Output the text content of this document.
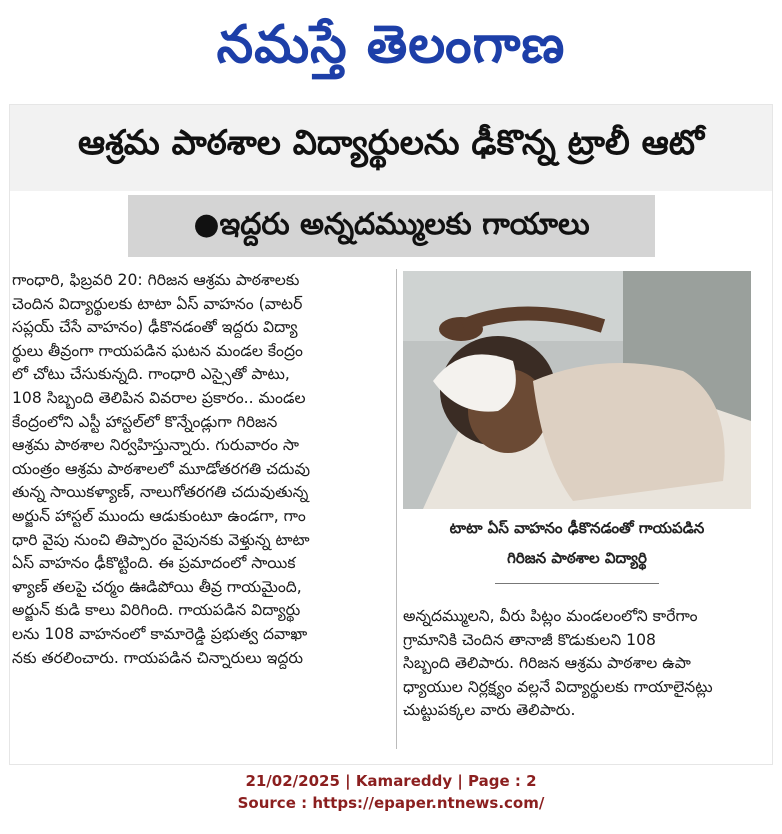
నమస్తే తెలంగాణ
ఆశ్రమ పాఠశాల విద్యార్థులను ఢీకొన్న ట్రాలీ ఆటో
●ఇద్దరు అన్నదమ్ములకు గాయాలు

గాంధారి, ఫిబ్రవరి 20: గిరిజన ఆశ్రమ పాఠశాలకు

చెందిన విద్యార్థులకు టాటా ఏస్ వాహనం (వాటర్

సప్లయ్ చేసే వాహనం) ఢీకొనడంతో ఇద్దరు విద్యా

ర్థులు తీవ్రంగా గాయపడిన ఘటన మండల కేంద్రం

లో చోటు చేసుకున్నది. గాంధారి ఎస్సైతో పాటు,

108 సిబ్బంది తెలిపిన వివరాల ప్రకారం.. మండల

కేంద్రంలోని ఎస్టీ హాస్టల్‌లో కొన్నేండ్లుగా గిరిజన

ఆశ్రమ పాఠశాల నిర్వహిస్తున్నారు. గురువారం సా

యంత్రం ఆశ్రమ పాఠశాలలో మూడోతరగతి చదువు

తున్న సాయికళ్యాణ్, నాలుగోతరగతి చదువుతున్న

అర్జున్ హాస్టల్ ముందు ఆడుకుంటూ ఉండగా, గాం

ధారి వైపు నుంచి తిప్పారం వైపునకు వెళ్తున్న టాటా

ఏస్ వాహనం ఢీకొట్టింది. ఈ ప్రమాదంలో సాయిక

ళ్యాణ్ తలపై చర్మం ఊడిపోయి తీవ్ర గాయమైంది,

అర్జున్ కుడి కాలు విరిగింది. గాయపడిన విద్యార్థు

లను 108 వాహనంలో కామారెడ్డి ప్రభుత్వ దవాఖా

నకు తరలించారు. గాయపడిన చిన్నారులు ఇద్దరు

టాటా ఏస్ వాహనం ఢీకొనడంతో గాయపడిన

గిరిజన పాఠశాల విద్యార్థి

అన్నదమ్ములని, వీరు పిట్లం మండలంలోని కారేగాం

గ్రామానికి చెందిన తానాజీ కొడుకులని 108

సిబ్బంది తెలిపారు. గిరిజన ఆశ్రమ పాఠశాల ఉపా

ధ్యాయుల నిర్లక్ష్యం వల్లనే విద్యార్థులకు గాయాలైనట్లు

చుట్టుపక్కల వారు తెలిపారు.

21/02/2025 | Kamareddy | Page : 2
Source : https://epaper.ntnews.com/
